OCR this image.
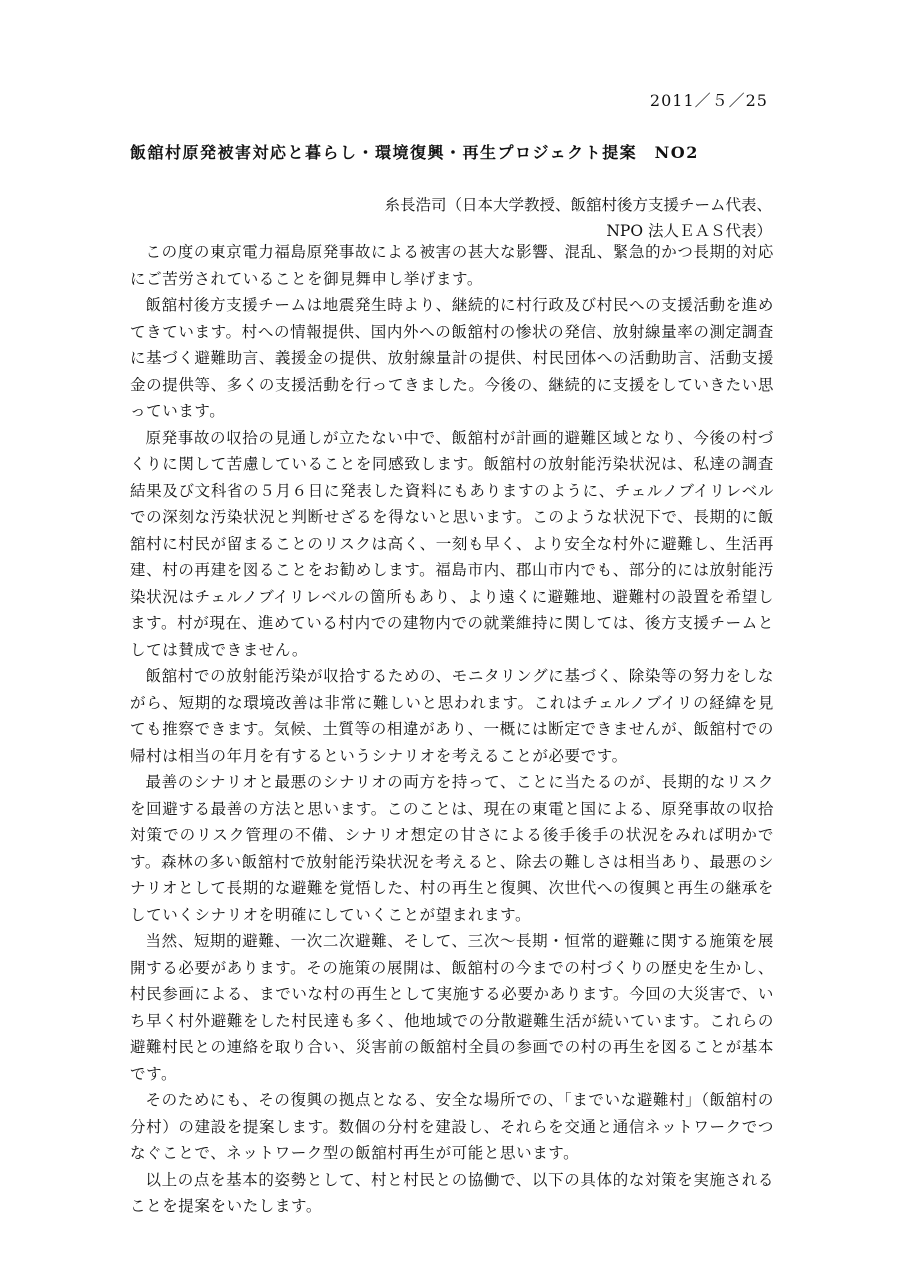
2011／５／25
飯舘村原発被害対応と暮らし・環境復興・再生プロジェクト提案　NO2
糸長浩司（日本大学教授、飯舘村後方支援チーム代表、
NPO 法人ＥＡＳ代表）

この度の東京電力福島原発事故による被害の甚大な影響、混乱、緊急的かつ長期的対応にご苦労されていることを御見舞申し挙げます。

飯舘村後方支援チームは地震発生時より、継続的に村行政及び村民への支援活動を進めてきています。村への情報提供、国内外への飯舘村の惨状の発信、放射線量率の測定調査に基づく避難助言、義援金の提供、放射線量計の提供、村民団体への活動助言、活動支援金の提供等、多くの支援活動を行ってきました。今後の、継続的に支援をしていきたい思っています。

原発事故の収拾の見通しが立たない中で、飯舘村が計画的避難区域となり、今後の村づくりに関して苦慮していることを同感致します。飯舘村の放射能汚染状況は、私達の調査結果及び文科省の５月６日に発表した資料にもありますのように、チェルノブイリレベルでの深刻な汚染状況と判断せざるを得ないと思います。このような状況下で、長期的に飯舘村に村民が留まることのリスクは高く、一刻も早く、より安全な村外に避難し、生活再建、村の再建を図ることをお勧めします。福島市内、郡山市内でも、部分的には放射能汚染状況はチェルノブイリレベルの箇所もあり、より遠くに避難地、避難村の設置を希望します。村が現在、進めている村内での建物内での就業維持に関しては、後方支援チームとしては賛成できません。

飯舘村での放射能汚染が収拾するための、モニタリングに基づく、除染等の努力をしながら、短期的な環境改善は非常に難しいと思われます。これはチェルノブイリの経緯を見ても推察できます。気候、土質等の相違があり、一概には断定できませんが、飯舘村での帰村は相当の年月を有するというシナリオを考えることが必要です。

最善のシナリオと最悪のシナリオの両方を持って、ことに当たるのが、長期的なリスクを回避する最善の方法と思います。このことは、現在の東電と国による、原発事故の収拾対策でのリスク管理の不備、シナリオ想定の甘さによる後手後手の状況をみれば明かです。森林の多い飯舘村で放射能汚染状況を考えると、除去の難しさは相当あり、最悪のシナリオとして長期的な避難を覚悟した、村の再生と復興、次世代への復興と再生の継承をしていくシナリオを明確にしていくことが望まれます。

当然、短期的避難、一次二次避難、そして、三次～長期・恒常的避難に関する施策を展開する必要があります。その施策の展開は、飯舘村の今までの村づくりの歴史を生かし、村民参画による、までいな村の再生として実施する必要かあります。今回の大災害で、いち早く村外避難をした村民達も多く、他地域での分散避難生活が続いています。これらの避難村民との連絡を取り合い、災害前の飯舘村全員の参画での村の再生を図ることが基本です。

そのためにも、その復興の拠点となる、安全な場所での、「までいな避難村」（飯舘村の分村）の建設を提案します。数個の分村を建設し、それらを交通と通信ネットワークでつなぐことで、ネットワーク型の飯舘村再生が可能と思います。

以上の点を基本的姿勢として、村と村民との協働で、以下の具体的な対策を実施されることを提案をいたします。
